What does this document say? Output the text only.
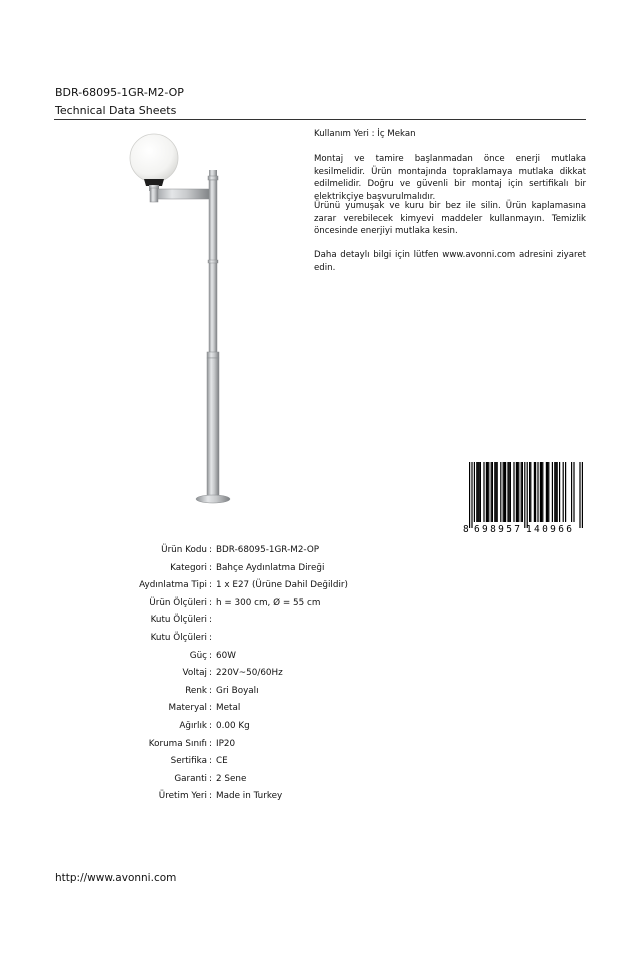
BDR-68095-1GR-M2-OP
Technical Data Sheets

Kullanım Yeri : İç Mekan

Montaj ve tamire başlanmadan önce enerji mutlaka kesilmelidir. Ürün montajında topraklamaya mutlaka dikkat edilmelidir. Doğru ve güvenli bir montaj için sertifikalı bir elektrikçiye başvurulmalıdır.

Ürünü yumuşak ve kuru bir bez ile silin. Ürün kaplamasına zarar verebilecek kimyevi maddeler kullanmayın. Temizlik öncesinde enerjiyi mutlaka kesin.

Daha detaylı bilgi için lütfen www.avonni.com adresini ziyaret edin.

8 698957 140966
Ürün Kodu : BDR-68095-1GR-M2-OP
Kategori : Bahçe Aydınlatma Direği
Aydınlatma Tipi : 1 x E27 (Ürüne Dahil Değildir)
Ürün Ölçüleri : h = 300 cm, Ø = 55 cm
Kutu Ölçüleri :
Kutu Ölçüleri :
Güç : 60W
Voltaj : 220V~50/60Hz
Renk : Gri Boyalı
Materyal : Metal
Ağırlık : 0.00 Kg
Koruma Sınıfı : IP20
Sertifika : CE
Garanti : 2 Sene
Üretim Yeri : Made in Turkey
http://www.avonni.com
